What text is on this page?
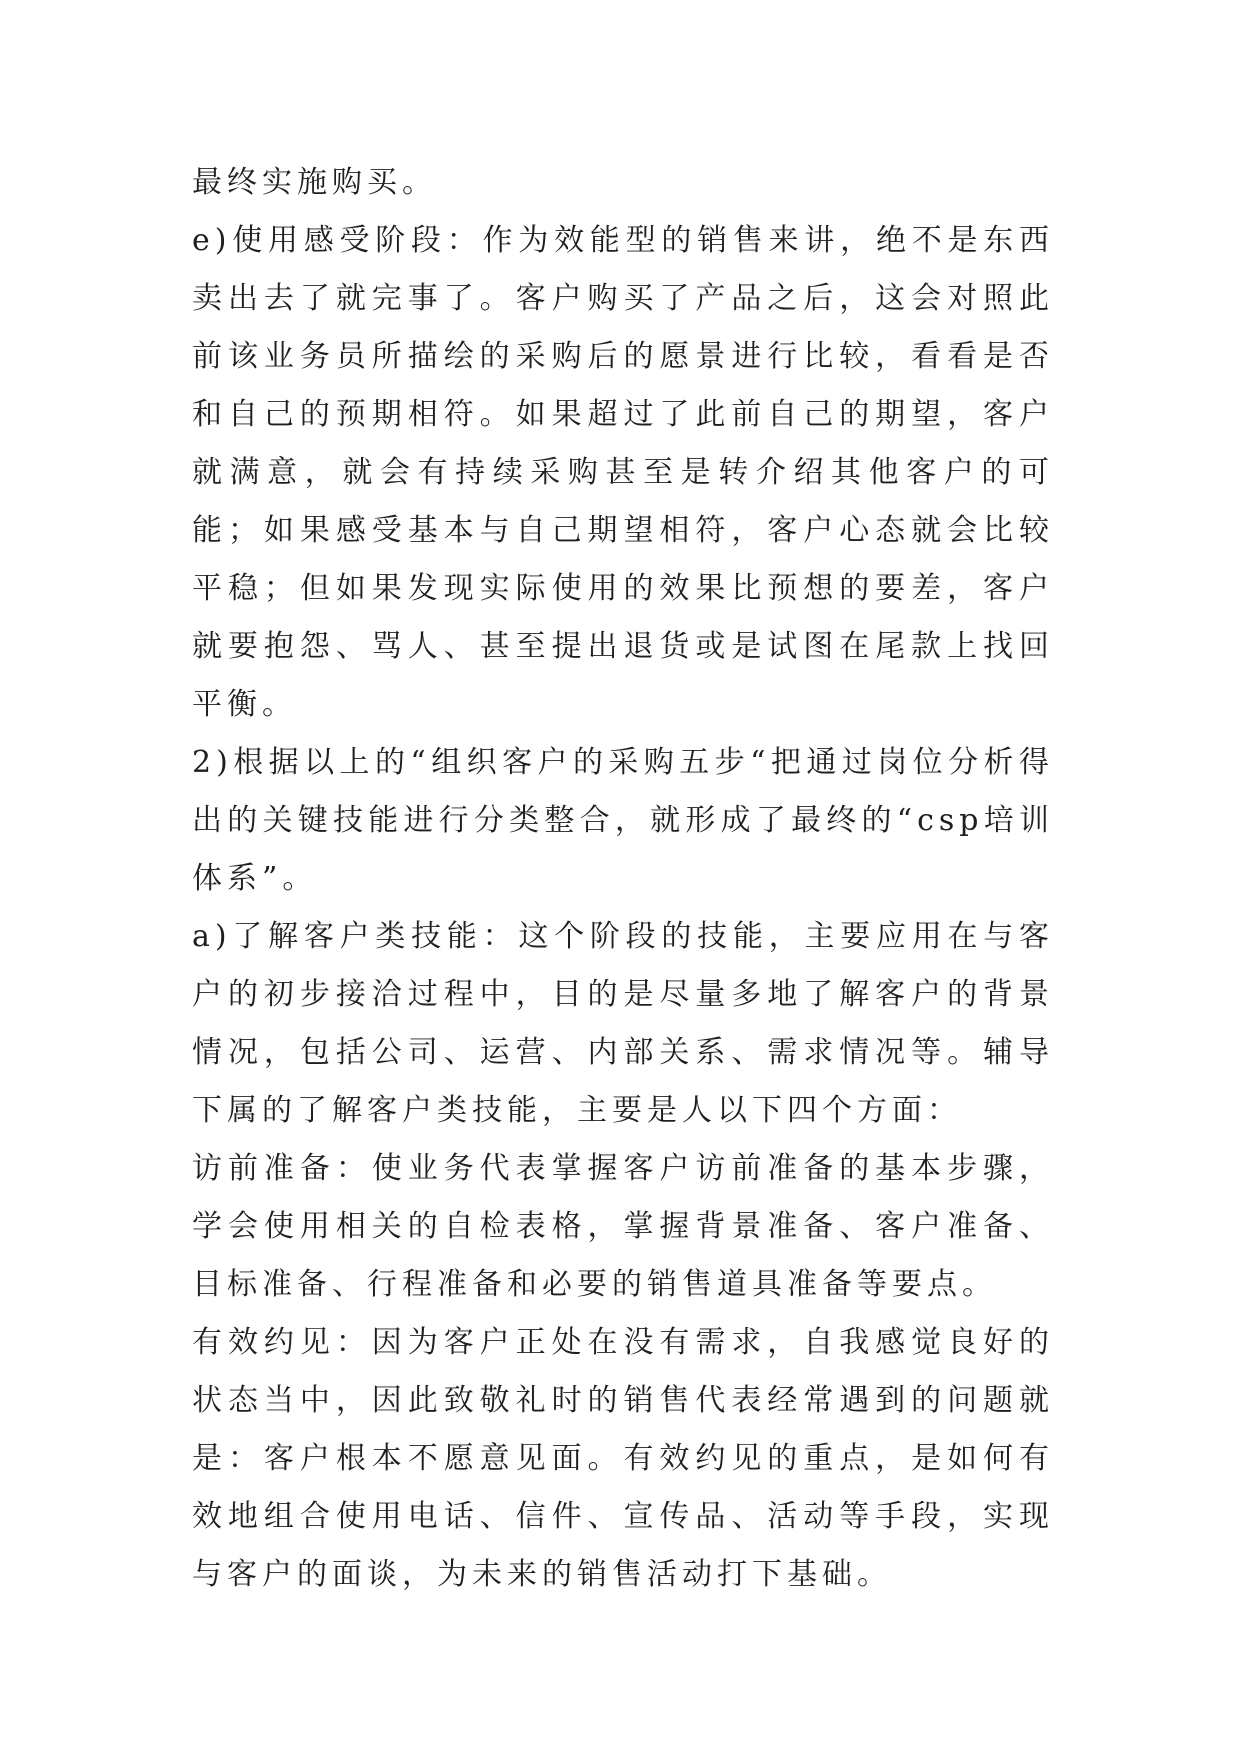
最终实施购买。

e)使用感受阶段：作为效能型的销售来讲，绝不是东西卖出去了就完事了。客户购买了产品之后，这会对照此前该业务员所描绘的采购后的愿景进行比较，看看是否和自己的预期相符。如果超过了此前自己的期望，客户就满意，就会有持续采购甚至是转介绍其他客户的可能；如果感受基本与自己期望相符，客户心态就会比较平稳；但如果发现实际使用的效果比预想的要差，客户就要抱怨、骂人、甚至提出退货或是试图在尾款上找回平衡。

2)根据以上的“组织客户的采购五步“把通过岗位分析得出的关键技能进行分类整合，就形成了最终的“csp培训体系”。

a)了解客户类技能：这个阶段的技能，主要应用在与客户的初步接洽过程中，目的是尽量多地了解客户的背景情况，包括公司、运营、内部关系、需求情况等。辅导下属的了解客户类技能，主要是人以下四个方面：

访前准备：使业务代表掌握客户访前准备的基本步骤，学会使用相关的自检表格，掌握背景准备、客户准备、目标准备、行程准备和必要的销售道具准备等要点。

有效约见：因为客户正处在没有需求，自我感觉良好的状态当中，因此致敬礼时的销售代表经常遇到的问题就是：客户根本不愿意见面。有效约见的重点，是如何有效地组合使用电话、信件、宣传品、活动等手段，实现与客户的面谈，为未来的销售活动打下基础。
